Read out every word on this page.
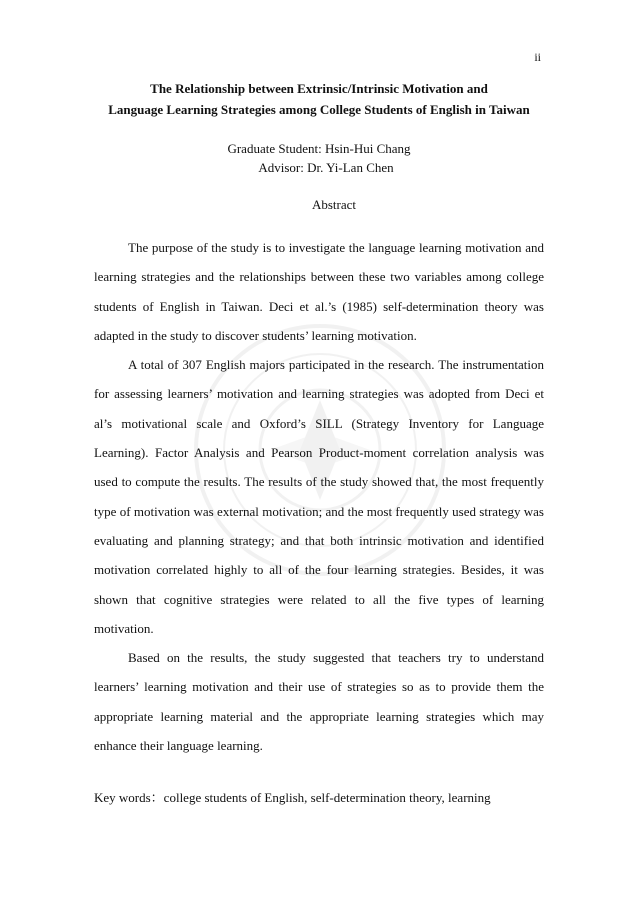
ii
The Relationship between Extrinsic/Intrinsic Motivation and
Language Learning Strategies among College Students of English in Taiwan
Graduate Student: Hsin-Hui Chang
Advisor: Dr. Yi-Lan Chen
Abstract

The purpose of the study is to investigate the language learning motivation and learning strategies and the relationships between these two variables among college students of English in Taiwan. Deci et al.’s (1985) self-determination theory was adapted in the study to discover students’ learning motivation.

A total of 307 English majors participated in the research. The instrumentation for assessing learners’ motivation and learning strategies was adopted from Deci et al’s motivational scale and Oxford’s SILL (Strategy Inventory for Language Learning). Factor Analysis and Pearson Product-moment correlation analysis was used to compute the results. The results of the study showed that, the most frequently type of motivation was external motivation; and the most frequently used strategy was evaluating and planning strategy; and that both intrinsic motivation and identified motivation correlated highly to all of the four learning strategies. Besides, it was shown that cognitive strategies were related to all the five types of learning motivation.

Based on the results, the study suggested that teachers try to understand learners’ learning motivation and their use of strategies so as to provide them the appropriate learning material and the appropriate learning strategies which may enhance their language learning.

Key words：college students of English, self-determination theory, learning
